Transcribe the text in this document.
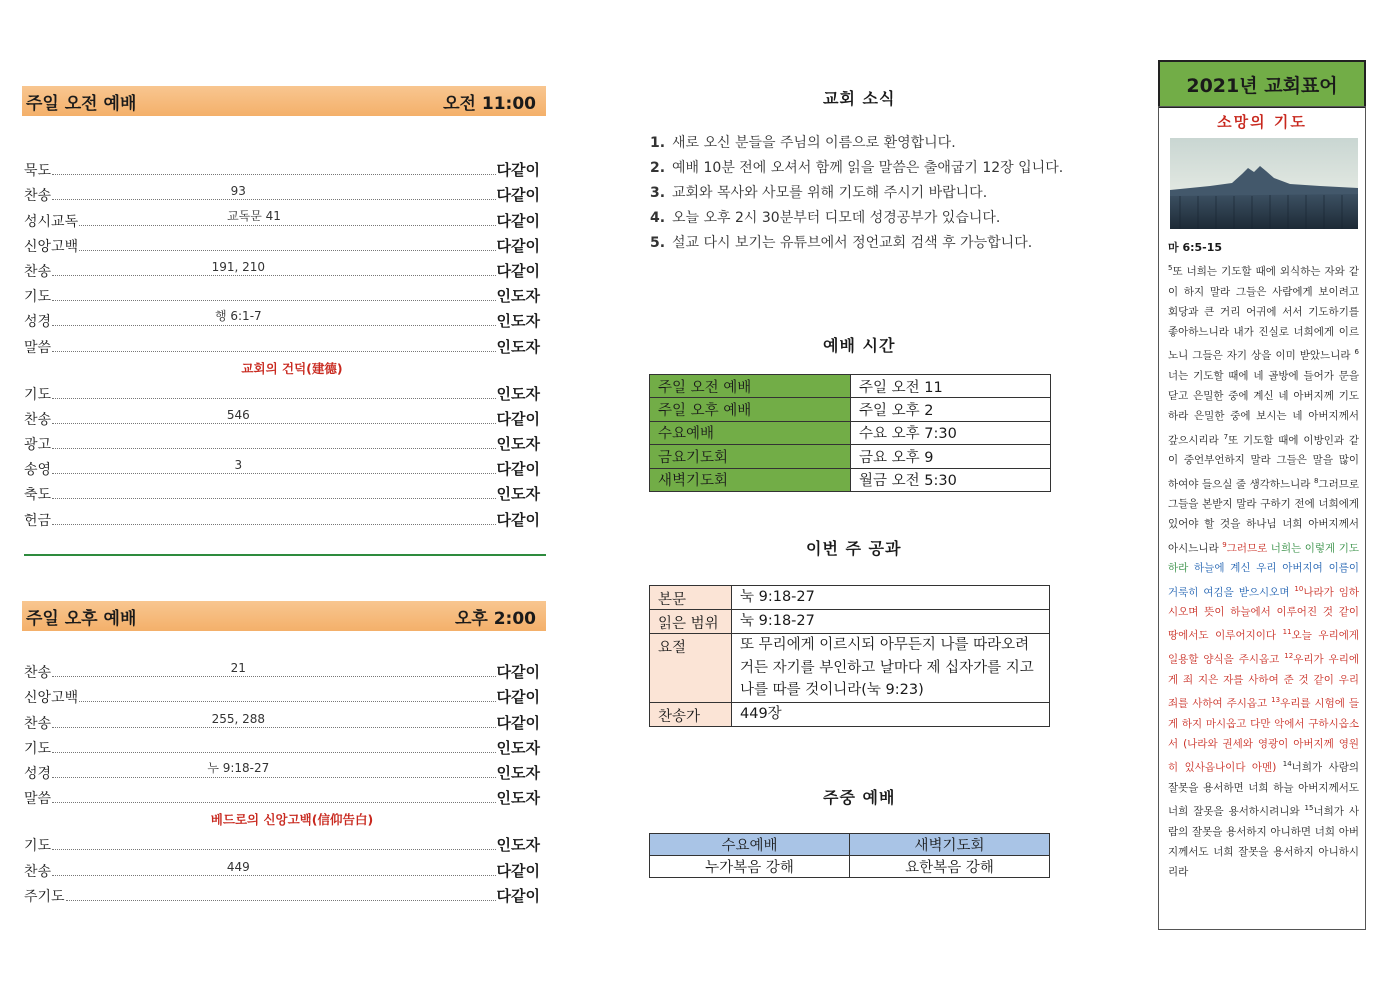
주일 오전 예배	오전 11:00
묵도	다같이
찬송	93	다같이
성시교독	교독문 41	다같이
신앙고백	다같이
찬송	191, 210	다같이
기도	인도자
성경	행 6:1-7	인도자
말씀	인도자
교회의 건덕(建德)
기도	인도자
찬송	546	다같이
광고	인도자
송영	3	다같이
축도	인도자
헌금	다같이
주일 오후 예배	오후 2:00
찬송	21	다같이
신앙고백	다같이
찬송	255, 288	다같이
기도	인도자
성경	누 9:18-27	인도자
말씀	인도자
베드로의 신앙고백(信仰告白)
기도	인도자
찬송	449	다같이
주기도	다같이
교회 소식
1. 새로 오신 분들을 주님의 이름으로 환영합니다.
2. 예배 10분 전에 오셔서 함께 읽을 말씀은 출애굽기 12장 입니다.
3. 교회와 목사와 사모를 위해 기도해 주시기 바랍니다.
4. 오늘 오후 2시 30분부터 디모데 성경공부가 있습니다.
5. 설교 다시 보기는 유튜브에서 정언교회 검색 후 가능합니다.
예배 시간
주일 오전 예배	주일 오전 11
주일 오후 예배	주일 오후 2
수요예배	수요 오후 7:30
금요기도회	금요 오후 9
새벽기도회	월금 오전 5:30
이번 주 공과
본문	눅 9:18-27
읽은 범위	눅 9:18-27
요절	또 무리에게 이르시되 아무든지 나를 따라오려거든 자기를 부인하고 날마다 제 십자가를 지고 나를 따를 것이니라(눅 9:23)
찬송가	449장
주중 예배
수요예배	새벽기도회
누가복음 강해	요한복음 강해
2021년 교회표어
소망의 기도
마 6:5-15
$^5$또 너희는 기도할 때에 외식하는 자와 같이 하지 말라 그들은 사람에게 보이려고 회당과 큰 거리 어귀에 서서 기도하기를 좋아하느니라 내가 진실로 너희에게 이르노니 그들은 자기 상을 이미 받았느니라 $^6$너는 기도할 때에 네 골방에 들어가 문을 닫고 은밀한 중에 계신 네 아버지께 기도하라 은밀한 중에 보시는 네 아버지께서 갚으시리라 $^7$또 기도할 때에 이방인과 같이 중언부언하지 말라 그들은 말을 많이 하여야 들으실 줄 생각하느니라 $^8$그러므로 그들을 본받지 말라 구하기 전에 너희에게 있어야 할 것을 하나님 너희 아버지께서 아시느니라 $^9$그러므로 너희는 이렇게 기도하라 하늘에 계신 우리 아버지여 이름이 거룩히 여김을 받으시오며 $^{10}$나라가 임하시오며 뜻이 하늘에서 이루어진 것 같이 땅에서도 이루어지이다 $^{11}$오늘 우리에게 일용할 양식을 주시옵고 $^{12}$우리가 우리에게 죄 지은 자를 사하여 준 것 같이 우리 죄를 사하여 주시옵고 $^{13}$우리를 시험에 들게 하지 마시옵고 다만 악에서 구하시옵소서 (나라와 권세와 영광이 아버지께 영원히 있사옵나이다 아멘) $^{14}$너희가 사람의 잘못을 용서하면 너희 하늘 아버지께서도 너희 잘못을 용서하시려니와 $^{15}$너희가 사람의 잘못을 용서하지 아니하면 너희 아버지께서도 너희 잘못을 용서하지 아니하시리라
